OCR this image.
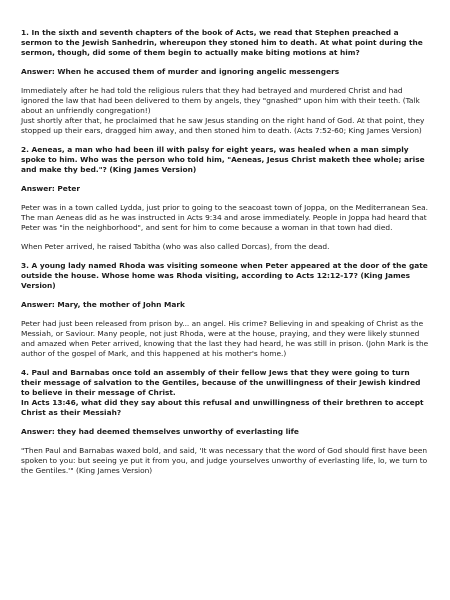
1. In the sixth and seventh chapters of the book of Acts, we read that Stephen preached a sermon to the Jewish Sanhedrin, whereupon they stoned him to death. At what point during the sermon, though, did some of them begin to actually make biting motions at him?
Answer: When he accused them of murder and ignoring angelic messengers
Immediately after he had told the religious rulers that they had betrayed and murdered Christ and had ignored the law that had been delivered to them by angels, they "gnashed" upon him with their teeth. (Talk about an unfriendly congregation!)
Just shortly after that, he proclaimed that he saw Jesus standing on the right hand of God. At that point, they stopped up their ears, dragged him away, and then stoned him to death. (Acts 7:52-60; King James Version)
2. Aeneas, a man who had been ill with palsy for eight years, was healed when a man simply spoke to him. Who was the person who told him, "Aeneas, Jesus Christ maketh thee whole; arise and make thy bed."? (King James Version)
Answer: Peter
Peter was in a town called Lydda, just prior to going to the seacoast town of Joppa, on the Mediterranean Sea. The man Aeneas did as he was instructed in Acts 9:34 and arose immediately. People in Joppa had heard that Peter was "in the neighborhood", and sent for him to come because a woman in that town had died.
When Peter arrived, he raised Tabitha (who was also called Dorcas), from the dead.
3. A young lady named Rhoda was visiting someone when Peter appeared at the door of the gate outside the house. Whose home was Rhoda visiting, according to Acts 12:12-17? (King James Version)
Answer: Mary, the mother of John Mark
Peter had just been released from prison by... an angel. His crime? Believing in and speaking of Christ as the Messiah, or Saviour. Many people, not just Rhoda, were at the house, praying, and they were likely stunned and amazed when Peter arrived, knowing that the last they had heard, he was still in prison. (John Mark is the author of the gospel of Mark, and this happened at his mother's home.)
4. Paul and Barnabas once told an assembly of their fellow Jews that they were going to turn their message of salvation to the Gentiles, because of the unwillingness of their Jewish kindred to believe in their message of Christ.
In Acts 13:46, what did they say about this refusal and unwillingness of their brethren to accept Christ as their Messiah?
Answer: they had deemed themselves unworthy of everlasting life
"Then Paul and Barnabas waxed bold, and said, 'It was necessary that the word of God should first have been spoken to you: but seeing ye put it from you, and judge yourselves unworthy of everlasting life, lo, we turn to the Gentiles.'" (King James Version)
